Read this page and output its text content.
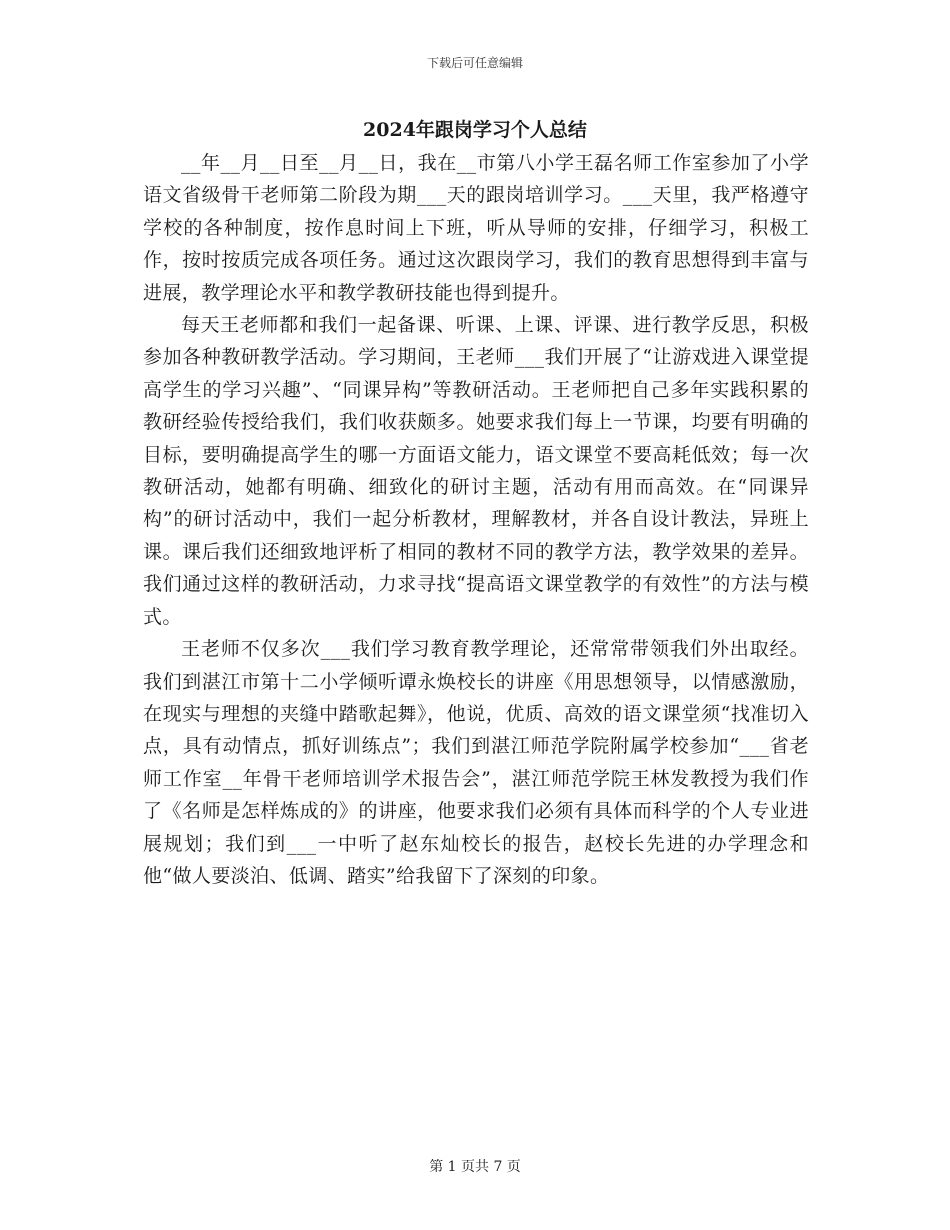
下载后可任意编辑
2024年跟岗学习个人总结

__年__月__日至__月__日，我在__市第八小学王磊名师工作室参加了小学语文省级骨干老师第二阶段为期___天的跟岗培训学习。___天里，我严格遵守学校的各种制度，按作息时间上下班，听从导师的安排，仔细学习，积极工作，按时按质完成各项任务。通过这次跟岗学习，我们的教育思想得到丰富与进展，教学理论水平和教学教研技能也得到提升。

每天王老师都和我们一起备课、听课、上课、评课、进行教学反思，积极参加各种教研教学活动。学习期间，王老师___我们开展了“让游戏进入课堂提高学生的学习兴趣”、“同课异构”等教研活动。王老师把自己多年实践积累的教研经验传授给我们，我们收获颇多。她要求我们每上一节课，均要有明确的目标，要明确提高学生的哪一方面语文能力，语文课堂不要高耗低效；每一次教研活动，她都有明确、细致化的研讨主题，活动有用而高效。在“同课异构”的研讨活动中，我们一起分析教材，理解教材，并各自设计教法，异班上课。课后我们还细致地评析了相同的教材不同的教学方法，教学效果的差异。我们通过这样的教研活动，力求寻找“提高语文课堂教学的有效性”的方法与模式。

王老师不仅多次___我们学习教育教学理论，还常常带领我们外出取经。我们到湛江市第十二小学倾听谭永焕校长的讲座《用思想领导，以情感激励，在现实与理想的夹缝中踏歌起舞》，他说，优质、高效的语文课堂须“找准切入点，具有动情点，抓好训练点”；我们到湛江师范学院附属学校参加“___省老师工作室__年骨干老师培训学术报告会”，湛江师范学院王林发教授为我们作了《名师是怎样炼成的》的讲座，他要求我们必须有具体而科学的个人专业进展规划；我们到___一中听了赵东灿校长的报告，赵校长先进的办学理念和他“做人要淡泊、低调、踏实”给我留下了深刻的印象。

第 1 页共 7 页
